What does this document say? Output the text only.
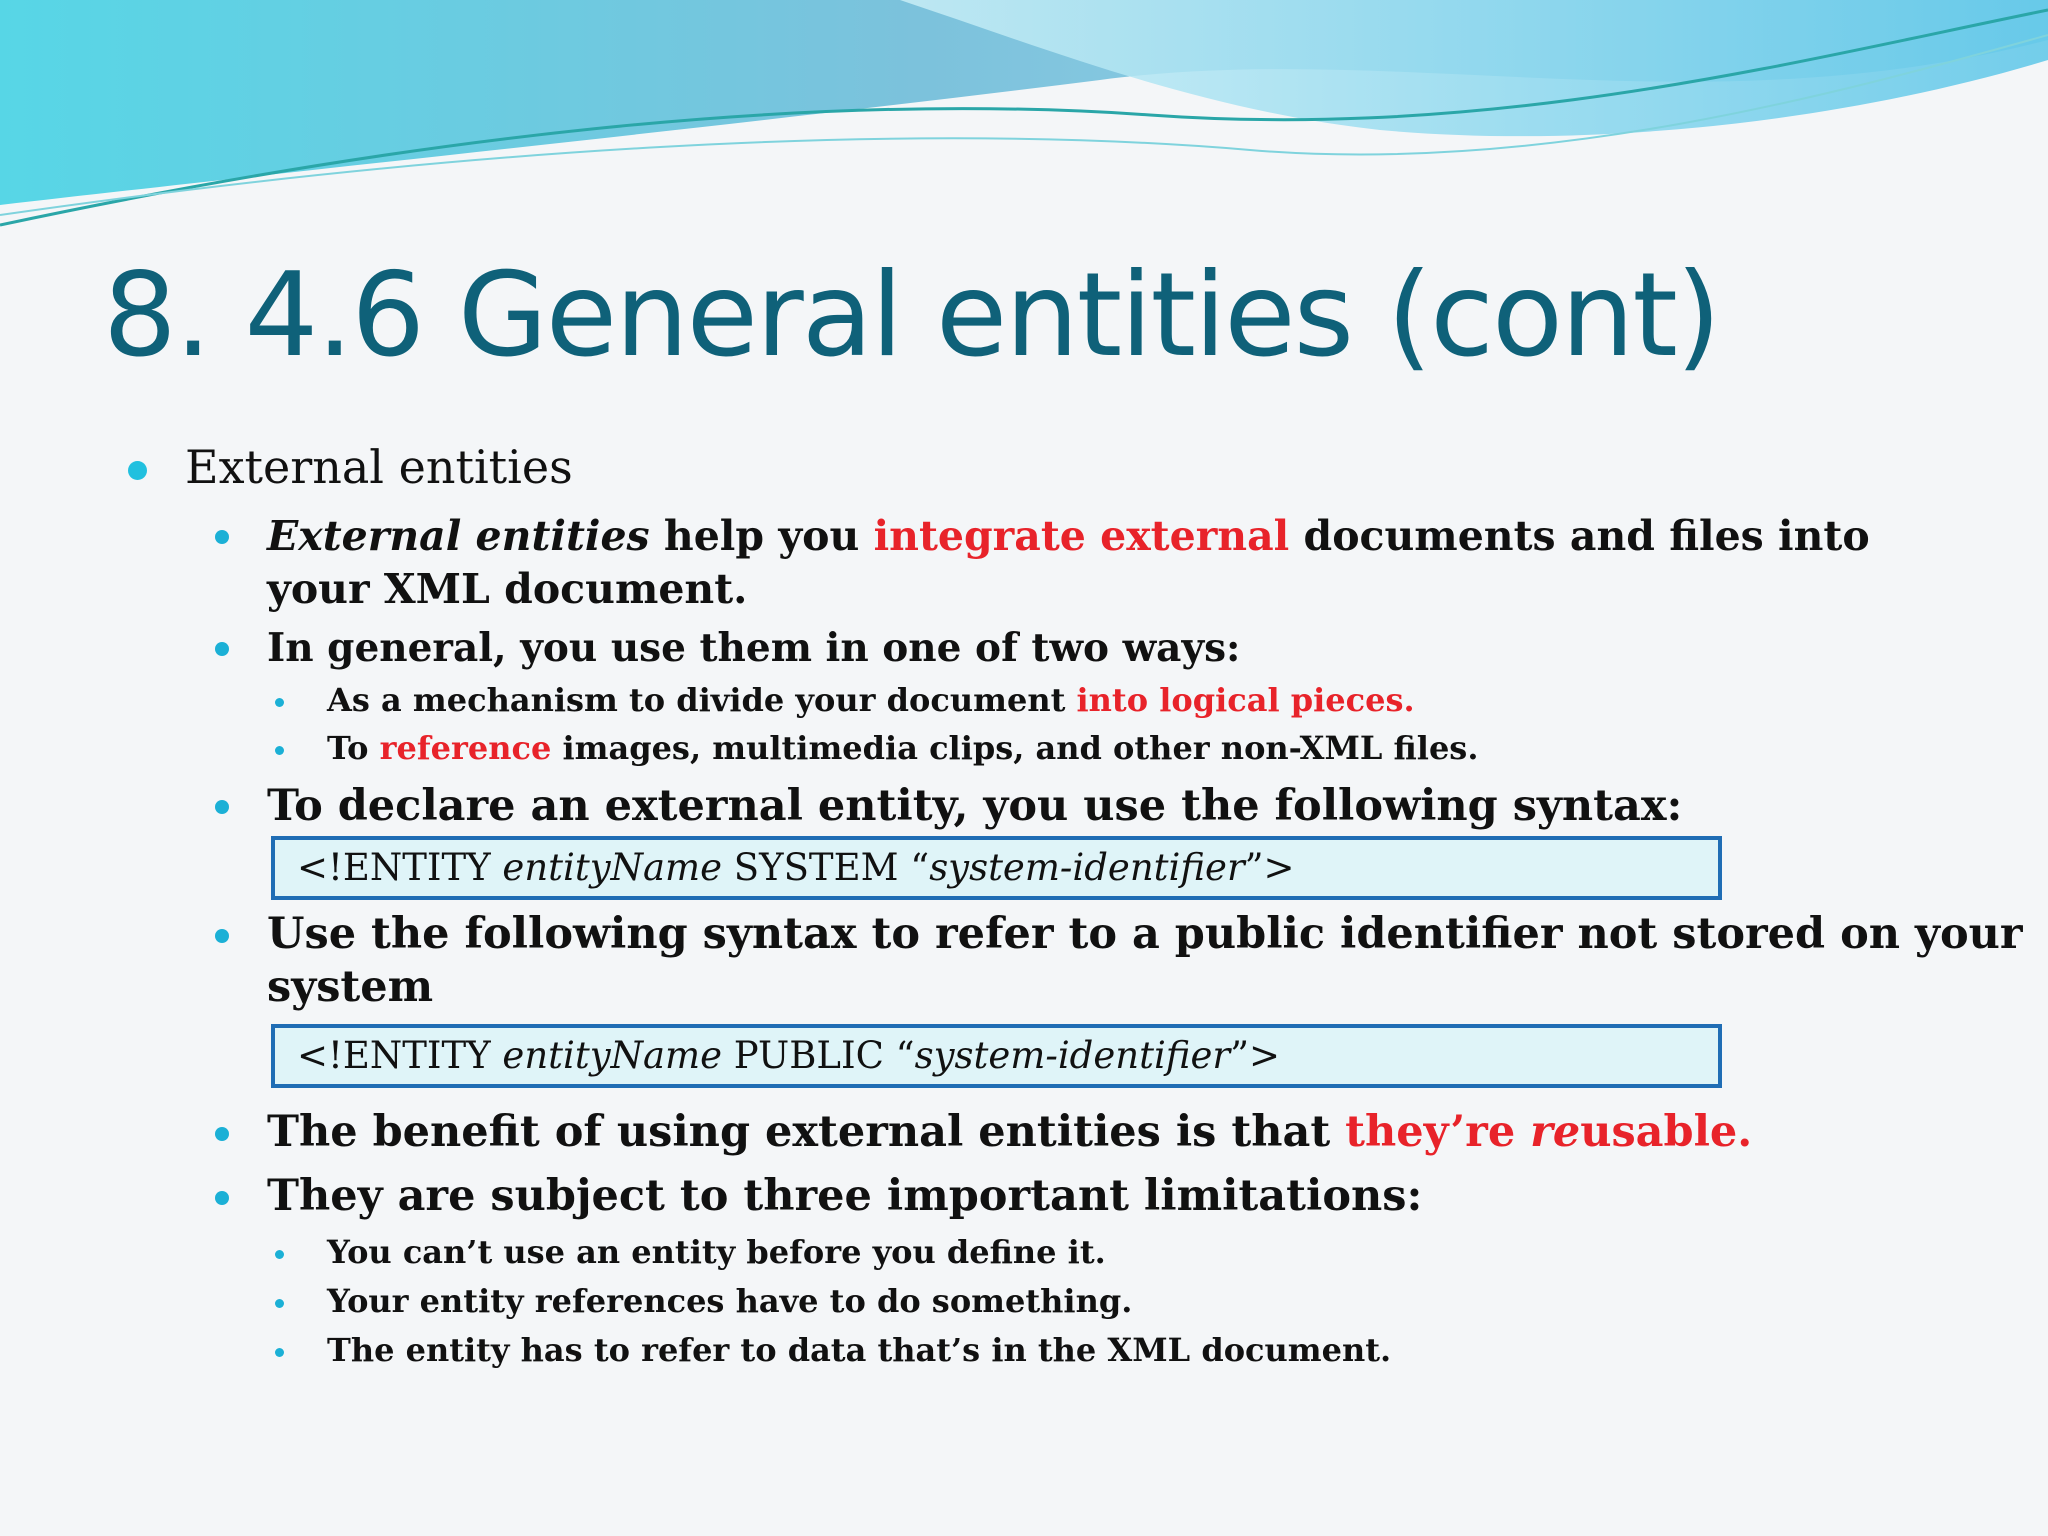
8. 4.6 General entities (cont)
External entities
External entities help you integrate external documents and files into
your XML document.
In general, you use them in one of two ways:
As a mechanism to divide your document into logical pieces.
To reference images, multimedia clips, and other non-XML files.
To declare an external entity, you use the following syntax:
<!ENTITY entityName SYSTEM “system-identifier”>
Use the following syntax to refer to a public identifier not stored on your
system
<!ENTITY entityName PUBLIC “system-identifier”>
The benefit of using external entities is that they’re reusable.
They are subject to three important limitations:
You can’t use an entity before you define it.
Your entity references have to do something.
The entity has to refer to data that’s in the XML document.
